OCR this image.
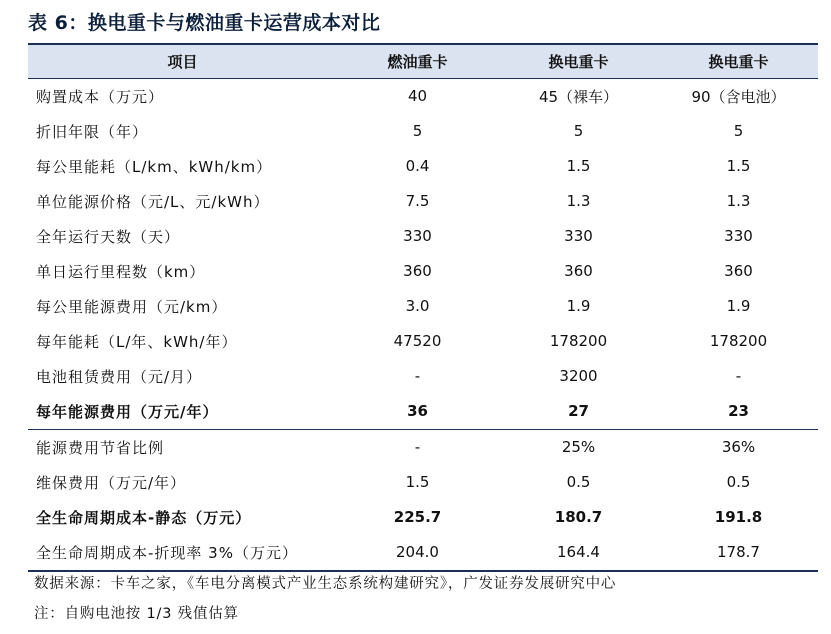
表 6：换电重卡与燃油重卡运营成本对比
项目	燃油重卡	换电重卡	换电重卡
购置成本（万元）	40	45（裸车）	90（含电池）
折旧年限（年）	5	5	5
每公里能耗（L/km、kWh/km）	0.4	1.5	1.5
单位能源价格（元/L、元/kWh）	7.5	1.3	1.3
全年运行天数（天）	330	330	330
单日运行里程数（km）	360	360	360
每公里能源费用（元/km）	3.0	1.9	1.9
每年能耗（L/年、kWh/年）	47520	178200	178200
电池租赁费用（元/月）	-	3200	-
每年能源费用（万元/年）	36	27	23
能源费用节省比例	-	25%	36%
维保费用（万元/年）	1.5	0.5	0.5
全生命周期成本-静态（万元）	225.7	180.7	191.8
全生命周期成本-折现率 3%（万元）	204.0	164.4	178.7
数据来源：卡车之家，《车电分离模式产业生态系统构建研究》，广发证券发展研究中心
注：自购电池按 1/3 残值估算
